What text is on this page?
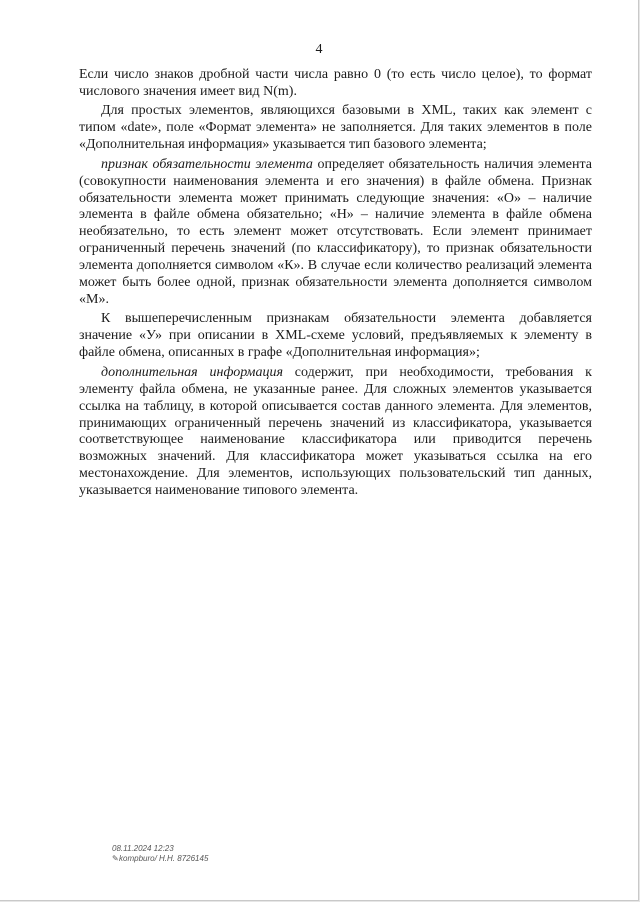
4

Если число знаков дробной части числа равно 0 (то есть число целое), то формат числового значения имеет вид N(m).

Для простых элементов, являющихся базовыми в XML, таких как элемент с типом «date», поле «Формат элемента» не заполняется. Для таких элементов в поле «Дополнительная информация» указывается тип базового элемента;

признак обязательности элемента определяет обязательность наличия элемента (совокупности наименования элемента и его значения) в файле обмена. Признак обязательности элемента может принимать следующие значения: «О» – наличие элемента в файле обмена обязательно; «Н» – наличие элемента в файле обмена необязательно, то есть элемент может отсутствовать. Если элемент принимает ограниченный перечень значений (по классификатору), то признак обязательности элемента дополняется символом «К». В случае если количество реализаций элемента может быть более одной, признак обязательности элемента дополняется символом «М».

К вышеперечисленным признакам обязательности элемента добавляется значение «У» при описании в XML-схеме условий, предъявляемых к элементу в файле обмена, описанных в графе «Дополнительная информация»;

дополнительная информация содержит, при необходимости, требования к элементу файла обмена, не указанные ранее. Для сложных элементов указывается ссылка на таблицу, в которой описывается состав данного элемента. Для элементов, принимающих ограниченный перечень значений из классификатора, указывается соответствующее наименование классификатора или приводится перечень возможных значений. Для классификатора может указываться ссылка на его местонахождение. Для элементов, использующих пользовательский тип данных, указывается наименование типового элемента.

08.11.2024 12:23
✎kompburo/ Н.Н. 8726145
